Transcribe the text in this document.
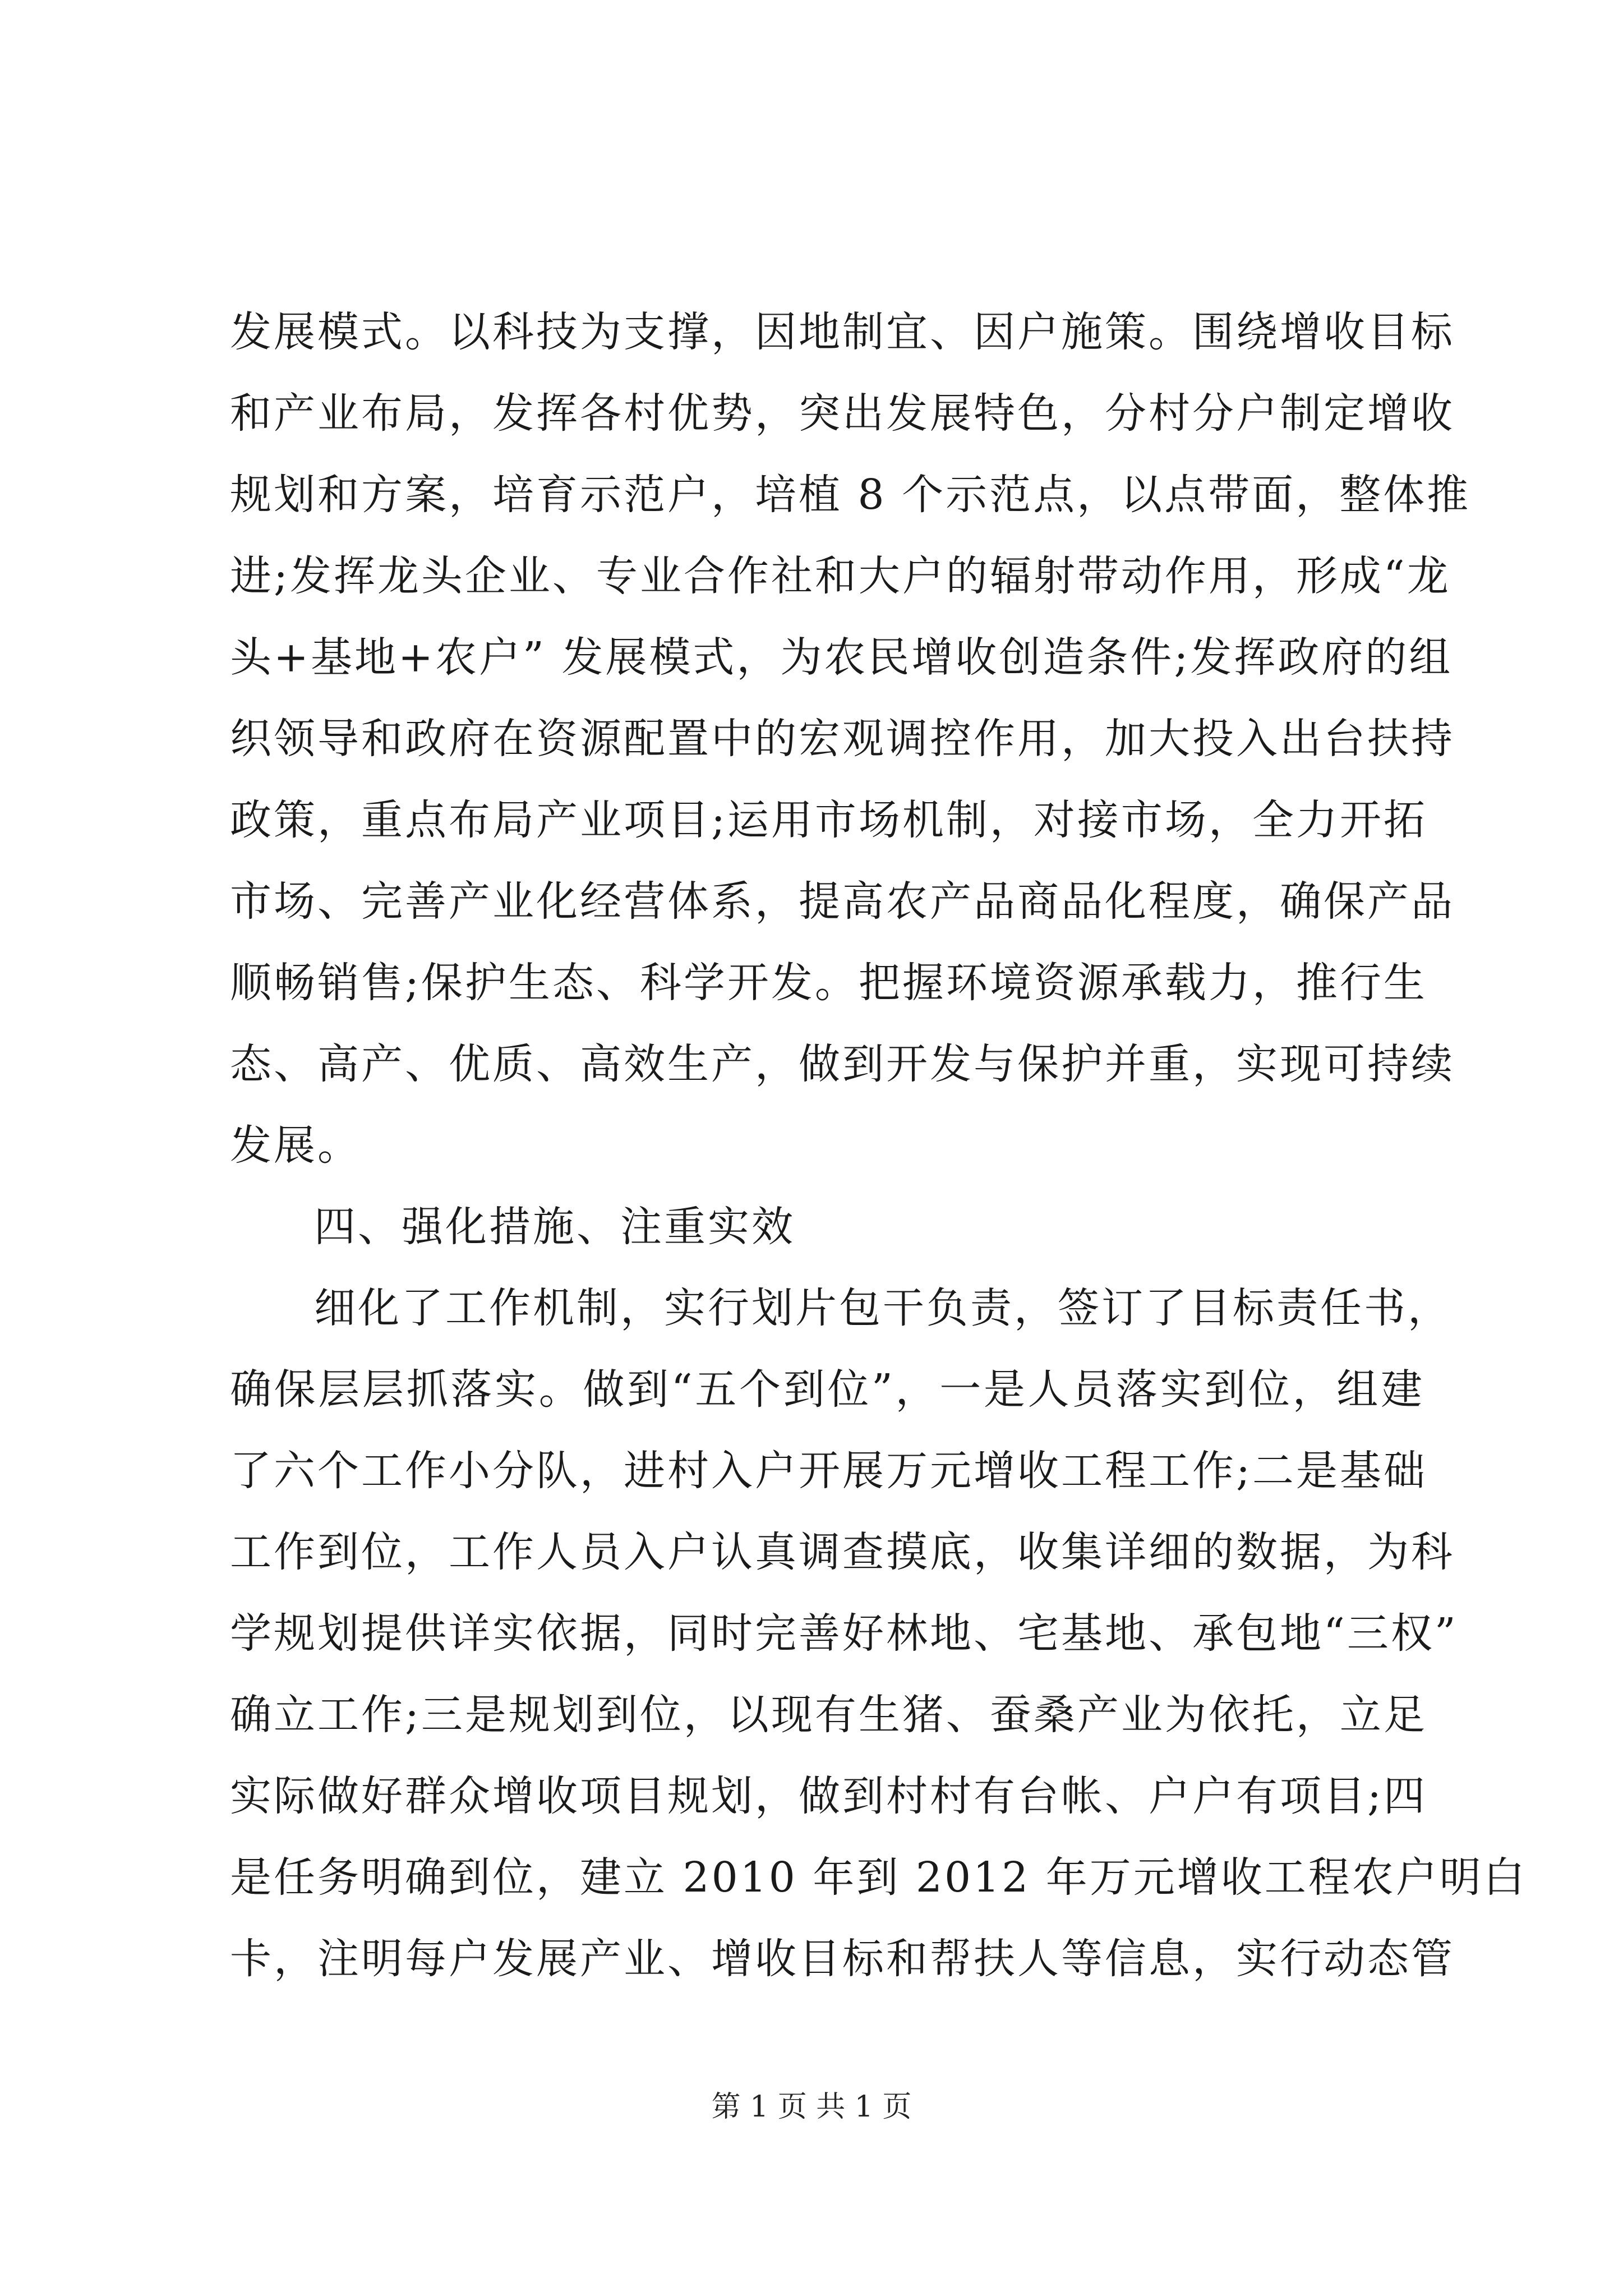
发展模式。以科技为支撑，因地制宜、因户施策。围绕增收目标
和产业布局，发挥各村优势，突出发展特色，分村分户制定增收
规划和方案，培育示范户，培植 8 个示范点，以点带面，整体推
进;发挥龙头企业、专业合作社和大户的辐射带动作用，形成“龙
头+基地+农户” 发展模式，为农民增收创造条件;发挥政府的组
织领导和政府在资源配置中的宏观调控作用，加大投入出台扶持
政策，重点布局产业项目;运用市场机制，对接市场，全力开拓
市场、完善产业化经营体系，提高农产品商品化程度，确保产品
顺畅销售;保护生态、科学开发。把握环境资源承载力，推行生
态、高产、优质、高效生产，做到开发与保护并重，实现可持续
发展。
四、强化措施、注重实效
细化了工作机制，实行划片包干负责，签订了目标责任书，
确保层层抓落实。做到“五个到位”，一是人员落实到位，组建
了六个工作小分队，进村入户开展万元增收工程工作;二是基础
工作到位，工作人员入户认真调查摸底，收集详细的数据，为科
学规划提供详实依据，同时完善好林地、宅基地、承包地“三权”
确立工作;三是规划到位，以现有生猪、蚕桑产业为依托，立足
实际做好群众增收项目规划，做到村村有台帐、户户有项目;四
是任务明确到位，建立 2010 年到 2012 年万元增收工程农户明白
卡，注明每户发展产业、增收目标和帮扶人等信息，实行动态管
第 1 页 共 1 页
